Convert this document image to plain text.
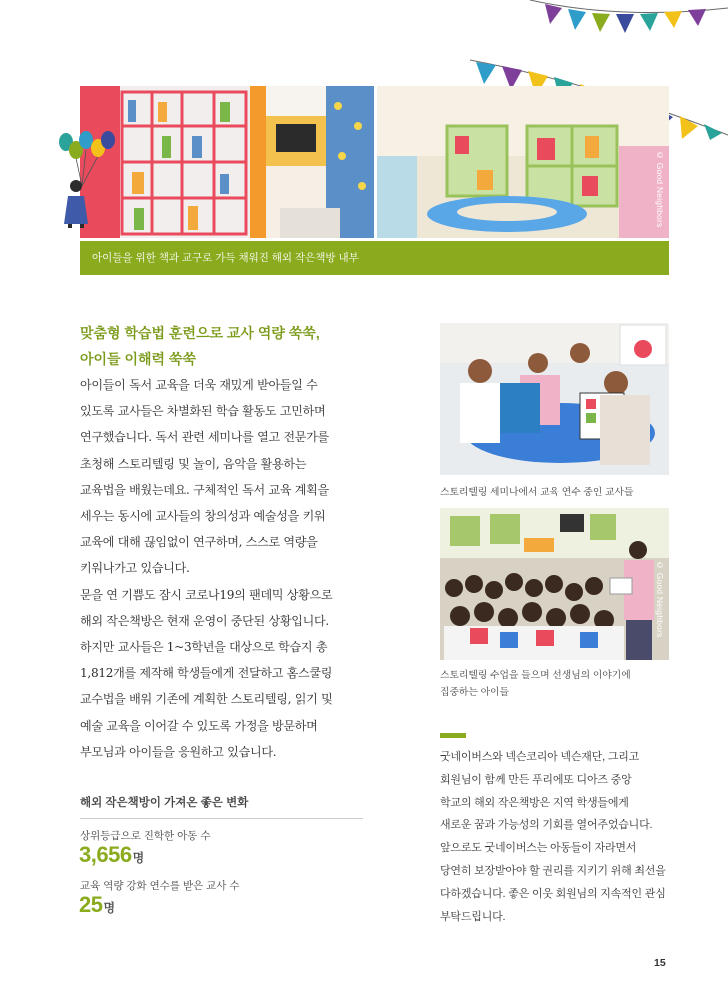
© Good Neighbors
아이들을 위한 책과 교구로 가득 채워진 해외 작은책방 내부
맞춤형 학습법 훈련으로 교사 역량 쑥쑥,
아이들 이해력 쑥쑥

아이들이 독서 교육을 더욱 재밌게 받아들일 수

있도록 교사들은 차별화된 학습 활동도 고민하며

연구했습니다. 독서 관련 세미나를 열고 전문가를

초청해 스토리텔링 및 놀이, 음악을 활용하는

교육법을 배웠는데요. 구체적인 독서 교육 계획을

세우는 동시에 교사들의 창의성과 예술성을 키워

교육에 대해 끊임없이 연구하며, 스스로 역량을

키워나가고 있습니다.

문을 연 기쁨도 잠시 코로나19의 팬데믹 상황으로

해외 작은책방은 현재 운영이 중단된 상황입니다.

하지만 교사들은 1~3학년을 대상으로 학습지 총

1,812개를 제작해 학생들에게 전달하고 홈스쿨링

교수법을 배워 기존에 계획한 스토리텔링, 읽기 및

예술 교육을 이어갈 수 있도록 가정을 방문하며

부모님과 아이들을 응원하고 있습니다.

해외 작은책방이 가져온 좋은 변화
상위등급으로 진학한 아동 수
3,656명
교육 역량 강화 연수를 받은 교사 수
25명
스토리텔링 세미나에서 교육 연수 중인 교사들
© Good Neighbors
스토리텔링 수업을 들으며 선생님의 이야기에
집중하는 아이들

굿네이버스와 넥슨코리아 넥슨재단, 그리고

회원님이 함께 만든 푸리에또 디아즈 중앙

학교의 해외 작은책방은 지역 학생들에게

새로운 꿈과 가능성의 기회를 열어주었습니다.

앞으로도 굿네이버스는 아동들이 자라면서

당연히 보장받아야 할 권리를 지키기 위해 최선을

다하겠습니다. 좋은 이웃 회원님의 지속적인 관심

부탁드립니다.

15
